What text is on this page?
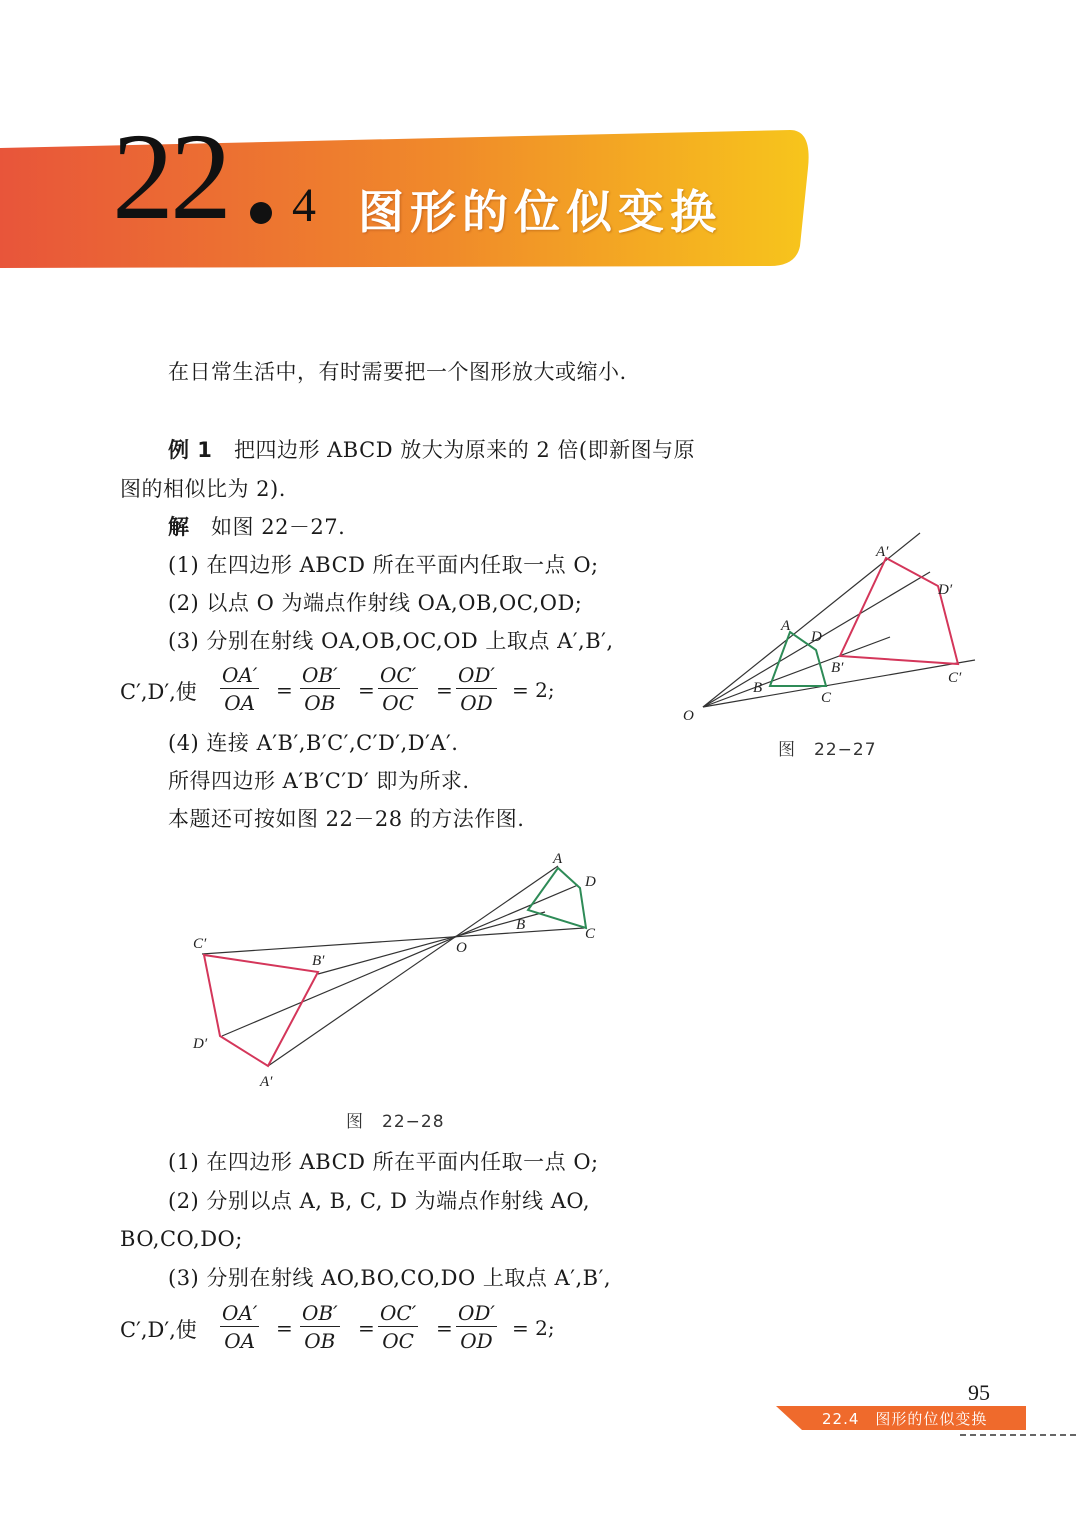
22 4 图形的位似变换
在日常生活中，有时需要把一个图形放大或缩小.
例 1 把四边形 ABCD 放大为原来的 2 倍(即新图与原
图的相似比为 2).
解 如图 22－27.
(1) 在四边形 ABCD 所在平面内任取一点 O;
(2) 以点 O 为端点作射线 OA,OB,OC,OD;
(3) 分别在射线 OA,OB,OC,OD 上取点 A′,B′,
C′,D′,使 $\frac{OA'}{OA} = \frac{OB'}{OB} = \frac{OC'}{OC} = \frac{OD'}{OD} = 2$;
(4) 连接 A′B′,B′C′,C′D′,D′A′.
所得四边形 A′B′C′D′ 即为所求.
本题还可按如图 22－28 的方法作图.
O
A
B
C
D
A′
B′
C′
D′
图　22−27
O
A
B
C
D
A′
B′
C′
D′
图　22−28
(1) 在四边形 ABCD 所在平面内任取一点 O;
(2) 分别以点 A, B, C, D 为端点作射线 AO,
BO,CO,DO;
(3) 分别在射线 AO,BO,CO,DO 上取点 A′,B′,
C′,D′,使 $\frac{OA'}{OA} = \frac{OB'}{OB} = \frac{OC'}{OC} = \frac{OD'}{OD} = 2$;
95
22.4　图形的位似变换
